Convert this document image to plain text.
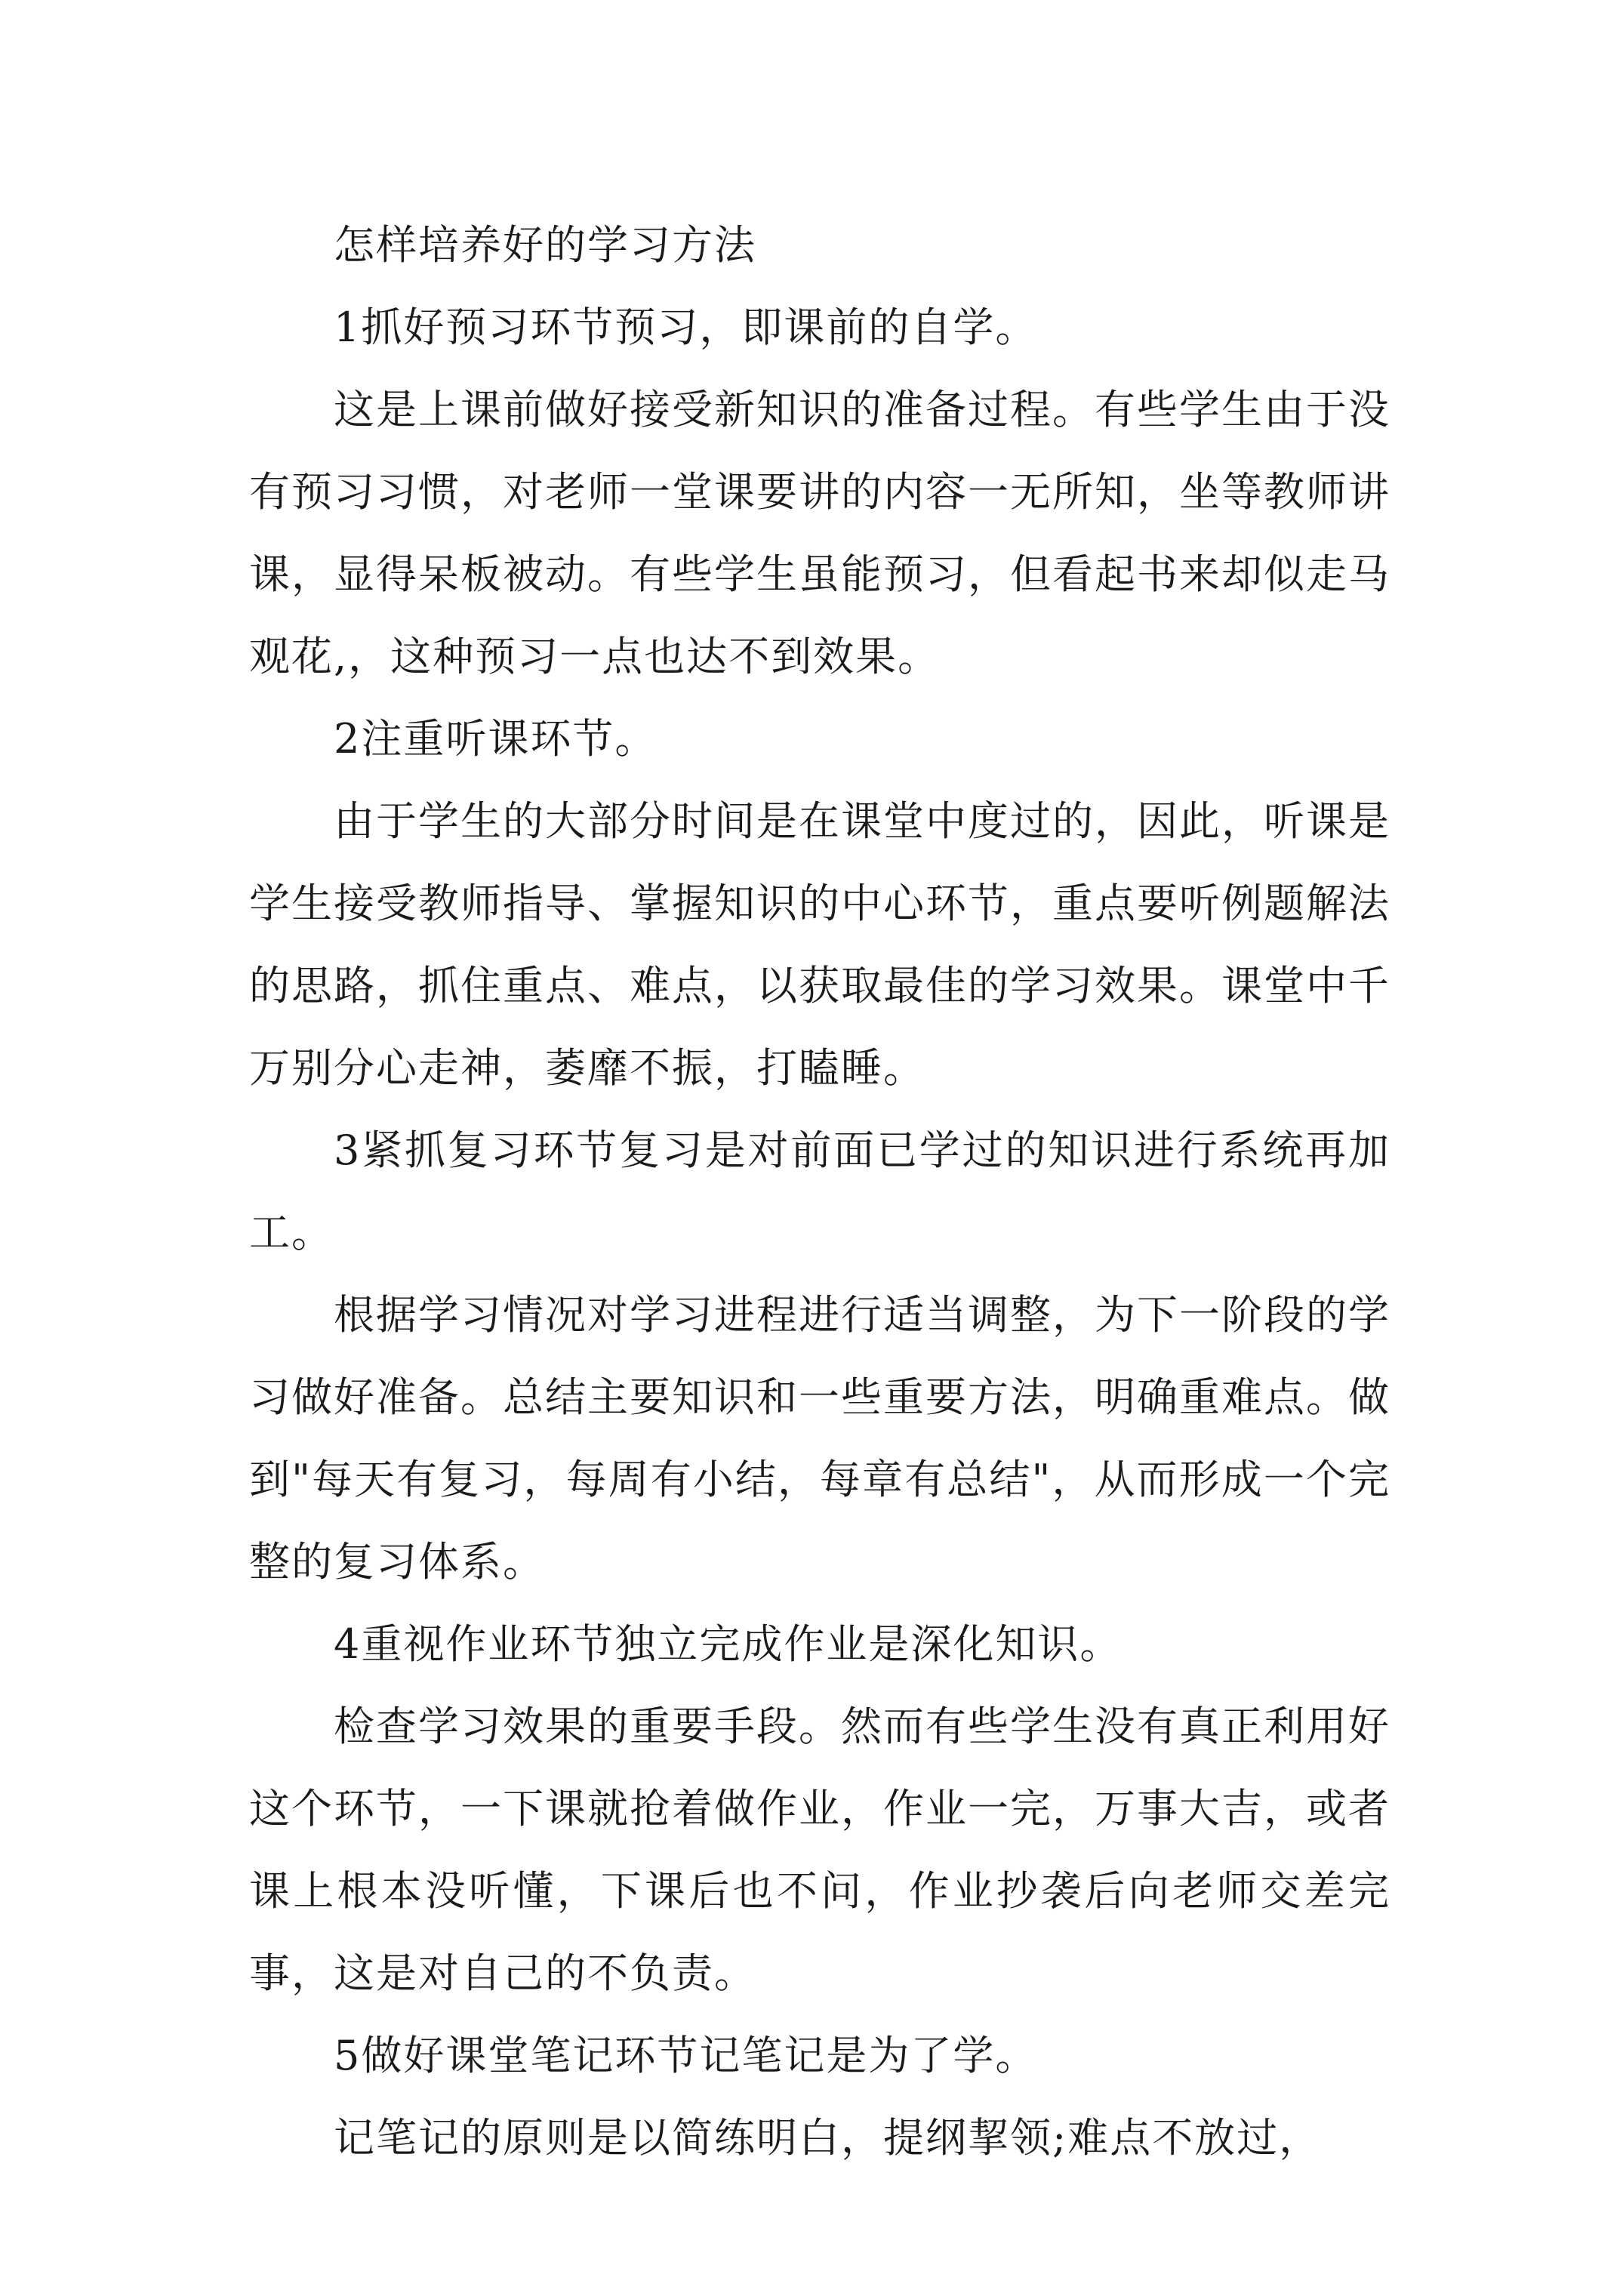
怎样培养好的学习方法

1抓好预习环节预习，即课前的自学。

这是上课前做好接受新知识的准备过程。有些学生由于没有预习习惯，对老师一堂课要讲的内容一无所知，坐等教师讲课，显得呆板被动。有些学生虽能预习，但看起书来却似走马观花,，这种预习一点也达不到效果。

2注重听课环节。

由于学生的大部分时间是在课堂中度过的，因此，听课是学生接受教师指导、掌握知识的中心环节，重点要听例题解法的思路，抓住重点、难点，以获取最佳的学习效果。课堂中千万别分心走神，萎靡不振，打瞌睡。

3紧抓复习环节复习是对前面已学过的知识进行系统再加工。

根据学习情况对学习进程进行适当调整，为下一阶段的学习做好准备。总结主要知识和一些重要方法，明确重难点。做到"每天有复习，每周有小结，每章有总结"，从而形成一个完整的复习体系。

4重视作业环节独立完成作业是深化知识。

检查学习效果的重要手段。然而有些学生没有真正利用好这个环节，一下课就抢着做作业，作业一完，万事大吉，或者课上根本没听懂，下课后也不问，作业抄袭后向老师交差完事，这是对自己的不负责。

5做好课堂笔记环节记笔记是为了学。

记笔记的原则是以简练明白，提纲挈领;难点不放过，
